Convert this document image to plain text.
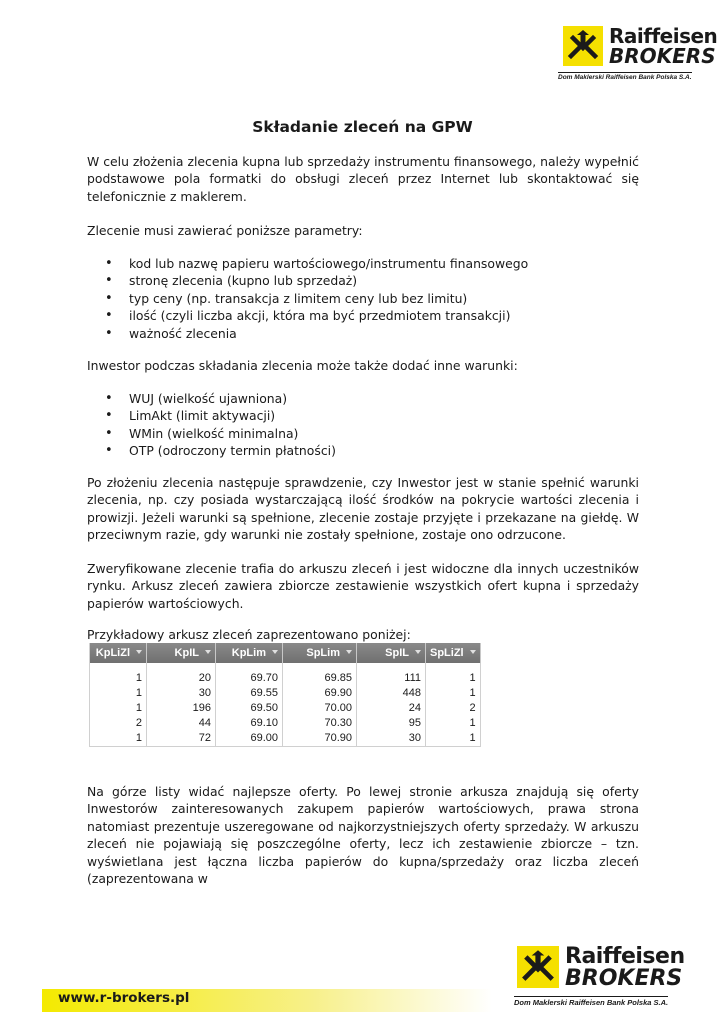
Raiffeisen
BROKERS
Dom Maklerski Raiffeisen Bank Polska S.A.
Składanie zleceń na GPW
W celu złożenia zlecenia kupna lub sprzedaży instrumentu finansowego, należy wypełnić podstawowe pola formatki do obsługi zleceń przez Internet lub skontaktować się telefonicznie z maklerem.
Zlecenie musi zawierać poniższe parametry:
• kod lub nazwę papieru wartościowego/instrumentu finansowego
• stronę zlecenia (kupno lub sprzedaż)
• typ ceny (np. transakcja z limitem ceny lub bez limitu)
• ilość (czyli liczba akcji, która ma być przedmiotem transakcji)
• ważność zlecenia
Inwestor podczas składania zlecenia może także dodać inne warunki:
• WUJ (wielkość ujawniona)
• LimAkt (limit aktywacji)
• WMin (wielkość minimalna)
• OTP (odroczony termin płatności)
Po złożeniu zlecenia następuje sprawdzenie, czy Inwestor jest w stanie spełnić warunki zlecenia, np. czy posiada wystarczającą ilość środków na pokrycie wartości zlecenia i prowizji. Jeżeli warunki są spełnione, zlecenie zostaje przyjęte i przekazane na giełdę. W przeciwnym razie, gdy warunki nie zostały spełnione, zostaje ono odrzucone.
Zweryfikowane zlecenie trafia do arkuszu zleceń i jest widoczne dla innych uczestników rynku. Arkusz zleceń zawiera zbiorcze zestawienie wszystkich ofert kupna i sprzedaży papierów wartościowych.
Przykładowy arkusz zleceń zaprezentowano poniżej:
KpLiZl	KpIL	KpLim	SpLim	SpIL	SpLiZl
1	20	69.70	69.85	111	1
1	30	69.55	69.90	448	1
1	196	69.50	70.00	24	2
2	44	69.10	70.30	95	1
1	72	69.00	70.90	30	1
Na górze listy widać najlepsze oferty. Po lewej stronie arkusza znajdują się oferty Inwestorów zainteresowanych zakupem papierów wartościowych, prawa strona natomiast prezentuje uszeregowane od najkorzystniejszych oferty sprzedaży. W arkuszu zleceń nie pojawiają się poszczególne oferty, lecz ich zestawienie zbiorcze – tzn. wyświetlana jest łączna liczba papierów do kupna/sprzedaży oraz liczba zleceń (zaprezentowana w
Raiffeisen
BROKERS
Dom Maklerski Raiffeisen Bank Polska S.A.
www.r-brokers.pl
